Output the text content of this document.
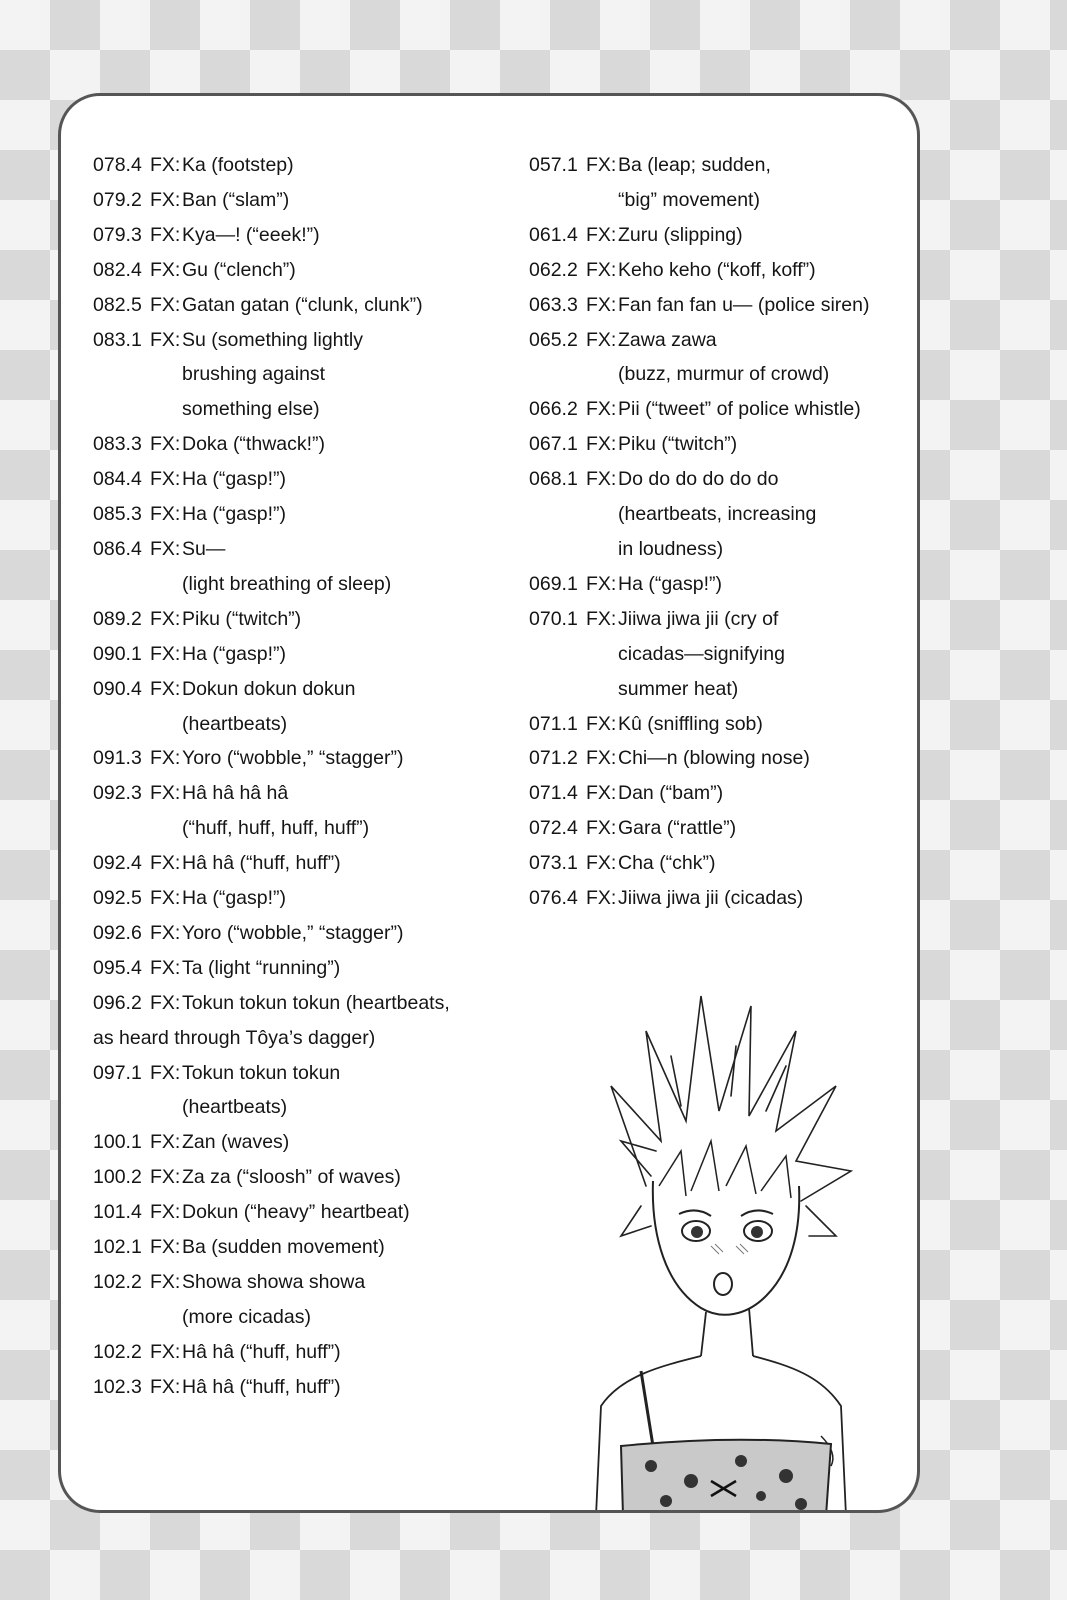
078.4 FX: Ka (footstep)
079.2 FX: Ban (“slam”)
079.3 FX: Kya—! (“eeek!”)
082.4 FX: Gu (“clench”)
082.5 FX: Gatan gatan (“clunk, clunk”)
083.1 FX: Su (something lightly
brushing against
something else)
083.3 FX: Doka (“thwack!”)
084.4 FX: Ha (“gasp!”)
085.3 FX: Ha (“gasp!”)
086.4 FX: Su—
(light breathing of sleep)
089.2 FX: Piku (“twitch”)
090.1 FX: Ha (“gasp!”)
090.4 FX: Dokun dokun dokun
(heartbeats)
091.3 FX: Yoro (“wobble,” “stagger”)
092.3 FX: Hâ hâ hâ hâ
(“huff, huff, huff, huff”)
092.4 FX: Hâ hâ (“huff, huff”)
092.5 FX: Ha (“gasp!”)
092.6 FX: Yoro (“wobble,” “stagger”)
095.4 FX: Ta (light “running”)
096.2 FX: Tokun tokun tokun (heartbeats,
as heard through Tôya’s dagger)
097.1 FX: Tokun tokun tokun
(heartbeats)
100.1 FX: Zan (waves)
100.2 FX: Za za (“sloosh” of waves)
101.4 FX: Dokun (“heavy” heartbeat)
102.1 FX: Ba (sudden movement)
102.2 FX: Showa showa showa
(more cicadas)
102.2 FX: Hâ hâ (“huff, huff”)
102.3 FX: Hâ hâ (“huff, huff”)
057.1 FX: Ba (leap; sudden,
“big” movement)
061.4 FX: Zuru (slipping)
062.2 FX: Keho keho (“koff, koff”)
063.3 FX: Fan fan fan u— (police siren)
065.2 FX: Zawa zawa
(buzz, murmur of crowd)
066.2 FX: Pii (“tweet” of police whistle)
067.1 FX: Piku (“twitch”)
068.1 FX: Do do do do do do
(heartbeats, increasing
in loudness)
069.1 FX: Ha (“gasp!”)
070.1 FX: Jiiwa jiwa jii (cry of
cicadas—signifying
summer heat)
071.1 FX: Kû (sniffling sob)
071.2 FX: Chi—n (blowing nose)
071.4 FX: Dan (“bam”)
072.4 FX: Gara (“rattle”)
073.1 FX: Cha (“chk”)
076.4 FX: Jiiwa jiwa jii (cicadas)
